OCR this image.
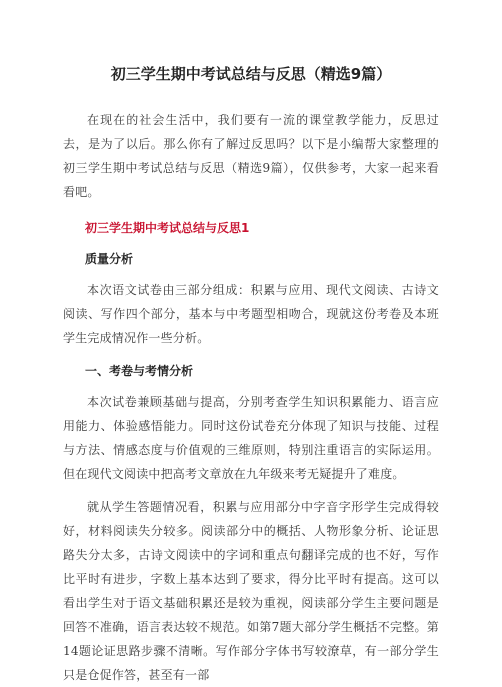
初三学生期中考试总结与反思（精选9篇）

在现在的社会生活中，我们要有一流的课堂教学能力，反思过去，是为了以后。那么你有了解过反思吗？以下是小编帮大家整理的初三学生期中考试总结与反思（精选9篇），仅供参考，大家一起来看看吧。

初三学生期中考试总结与反思1
质量分析

本次语文试卷由三部分组成：积累与应用、现代文阅读、古诗文阅读、写作四个部分，基本与中考题型相吻合，现就这份考卷及本班学生完成情况作一些分析。

一、考卷与考情分析

本次试卷兼顾基础与提高，分别考查学生知识积累能力、语言应用能力、体验感悟能力。同时这份试卷充分体现了知识与技能、过程与方法、情感态度与价值观的三维原则，特别注重语言的实际运用。但在现代文阅读中把高考文章放在九年级来考无疑提升了难度。

就从学生答题情况看，积累与应用部分中字音字形学生完成得较好，材料阅读失分较多。阅读部分中的概括、人物形象分析、论证思路失分太多，古诗文阅读中的字词和重点句翻译完成的也不好，写作比平时有进步，字数上基本达到了要求，得分比平时有提高。这可以看出学生对于语文基础积累还是较为重视，阅读部分学生主要问题是回答不准确，语言表达较不规范。如第7题大部分学生概括不完整。第14题论证思路步骤不清晰。写作部分字体书写较潦草，有一部分学生只是仓促作答，甚至有一部
